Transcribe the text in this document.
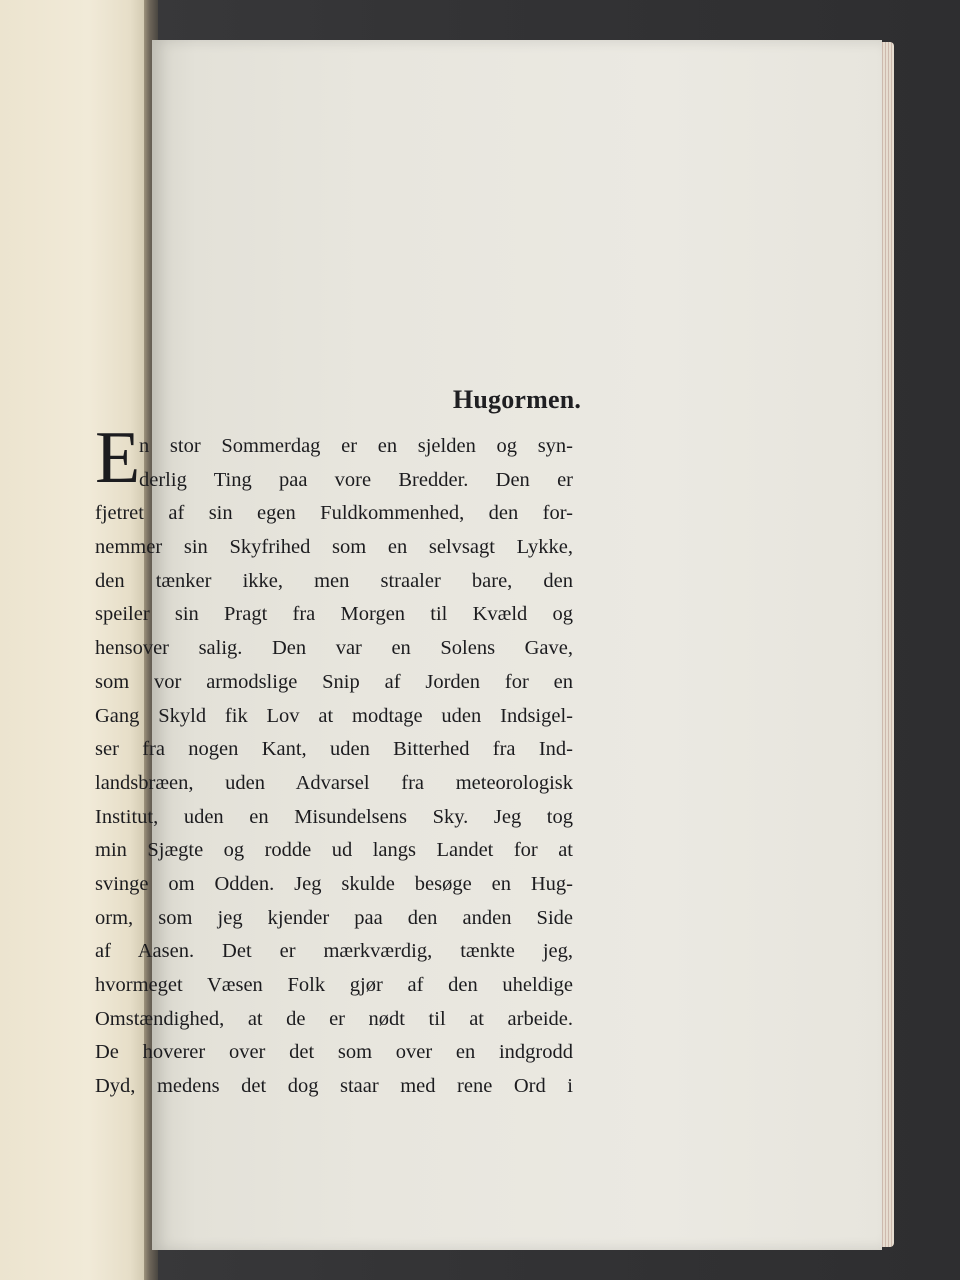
Hugormen.
E
n stor Sommerdag er en sjelden og syn-
derlig Ting paa vore Bredder. Den er
fjetret af sin egen Fuldkommenhed, den for-
nemmer sin Skyfrihed som en selvsagt Lykke,
den tænker ikke, men straaler bare, den
speiler sin Pragt fra Morgen til Kvæld og
hensover salig. Den var en Solens Gave,
som vor armodslige Snip af Jorden for en
Gang Skyld fik Lov at modtage uden Indsigel-
ser fra nogen Kant, uden Bitterhed fra Ind-
landsbræen, uden Advarsel fra meteorologisk
Institut, uden en Misundelsens Sky. Jeg tog
min Sjægte og rodde ud langs Landet for at
svinge om Odden. Jeg skulde besøge en Hug-
orm, som jeg kjender paa den anden Side
af Aasen. Det er mærkværdig, tænkte jeg,
hvormeget Væsen Folk gjør af den uheldige
Omstændighed, at de er nødt til at arbeide.
De hoverer over det som over en indgrodd
Dyd, medens det dog staar med rene Ord i
